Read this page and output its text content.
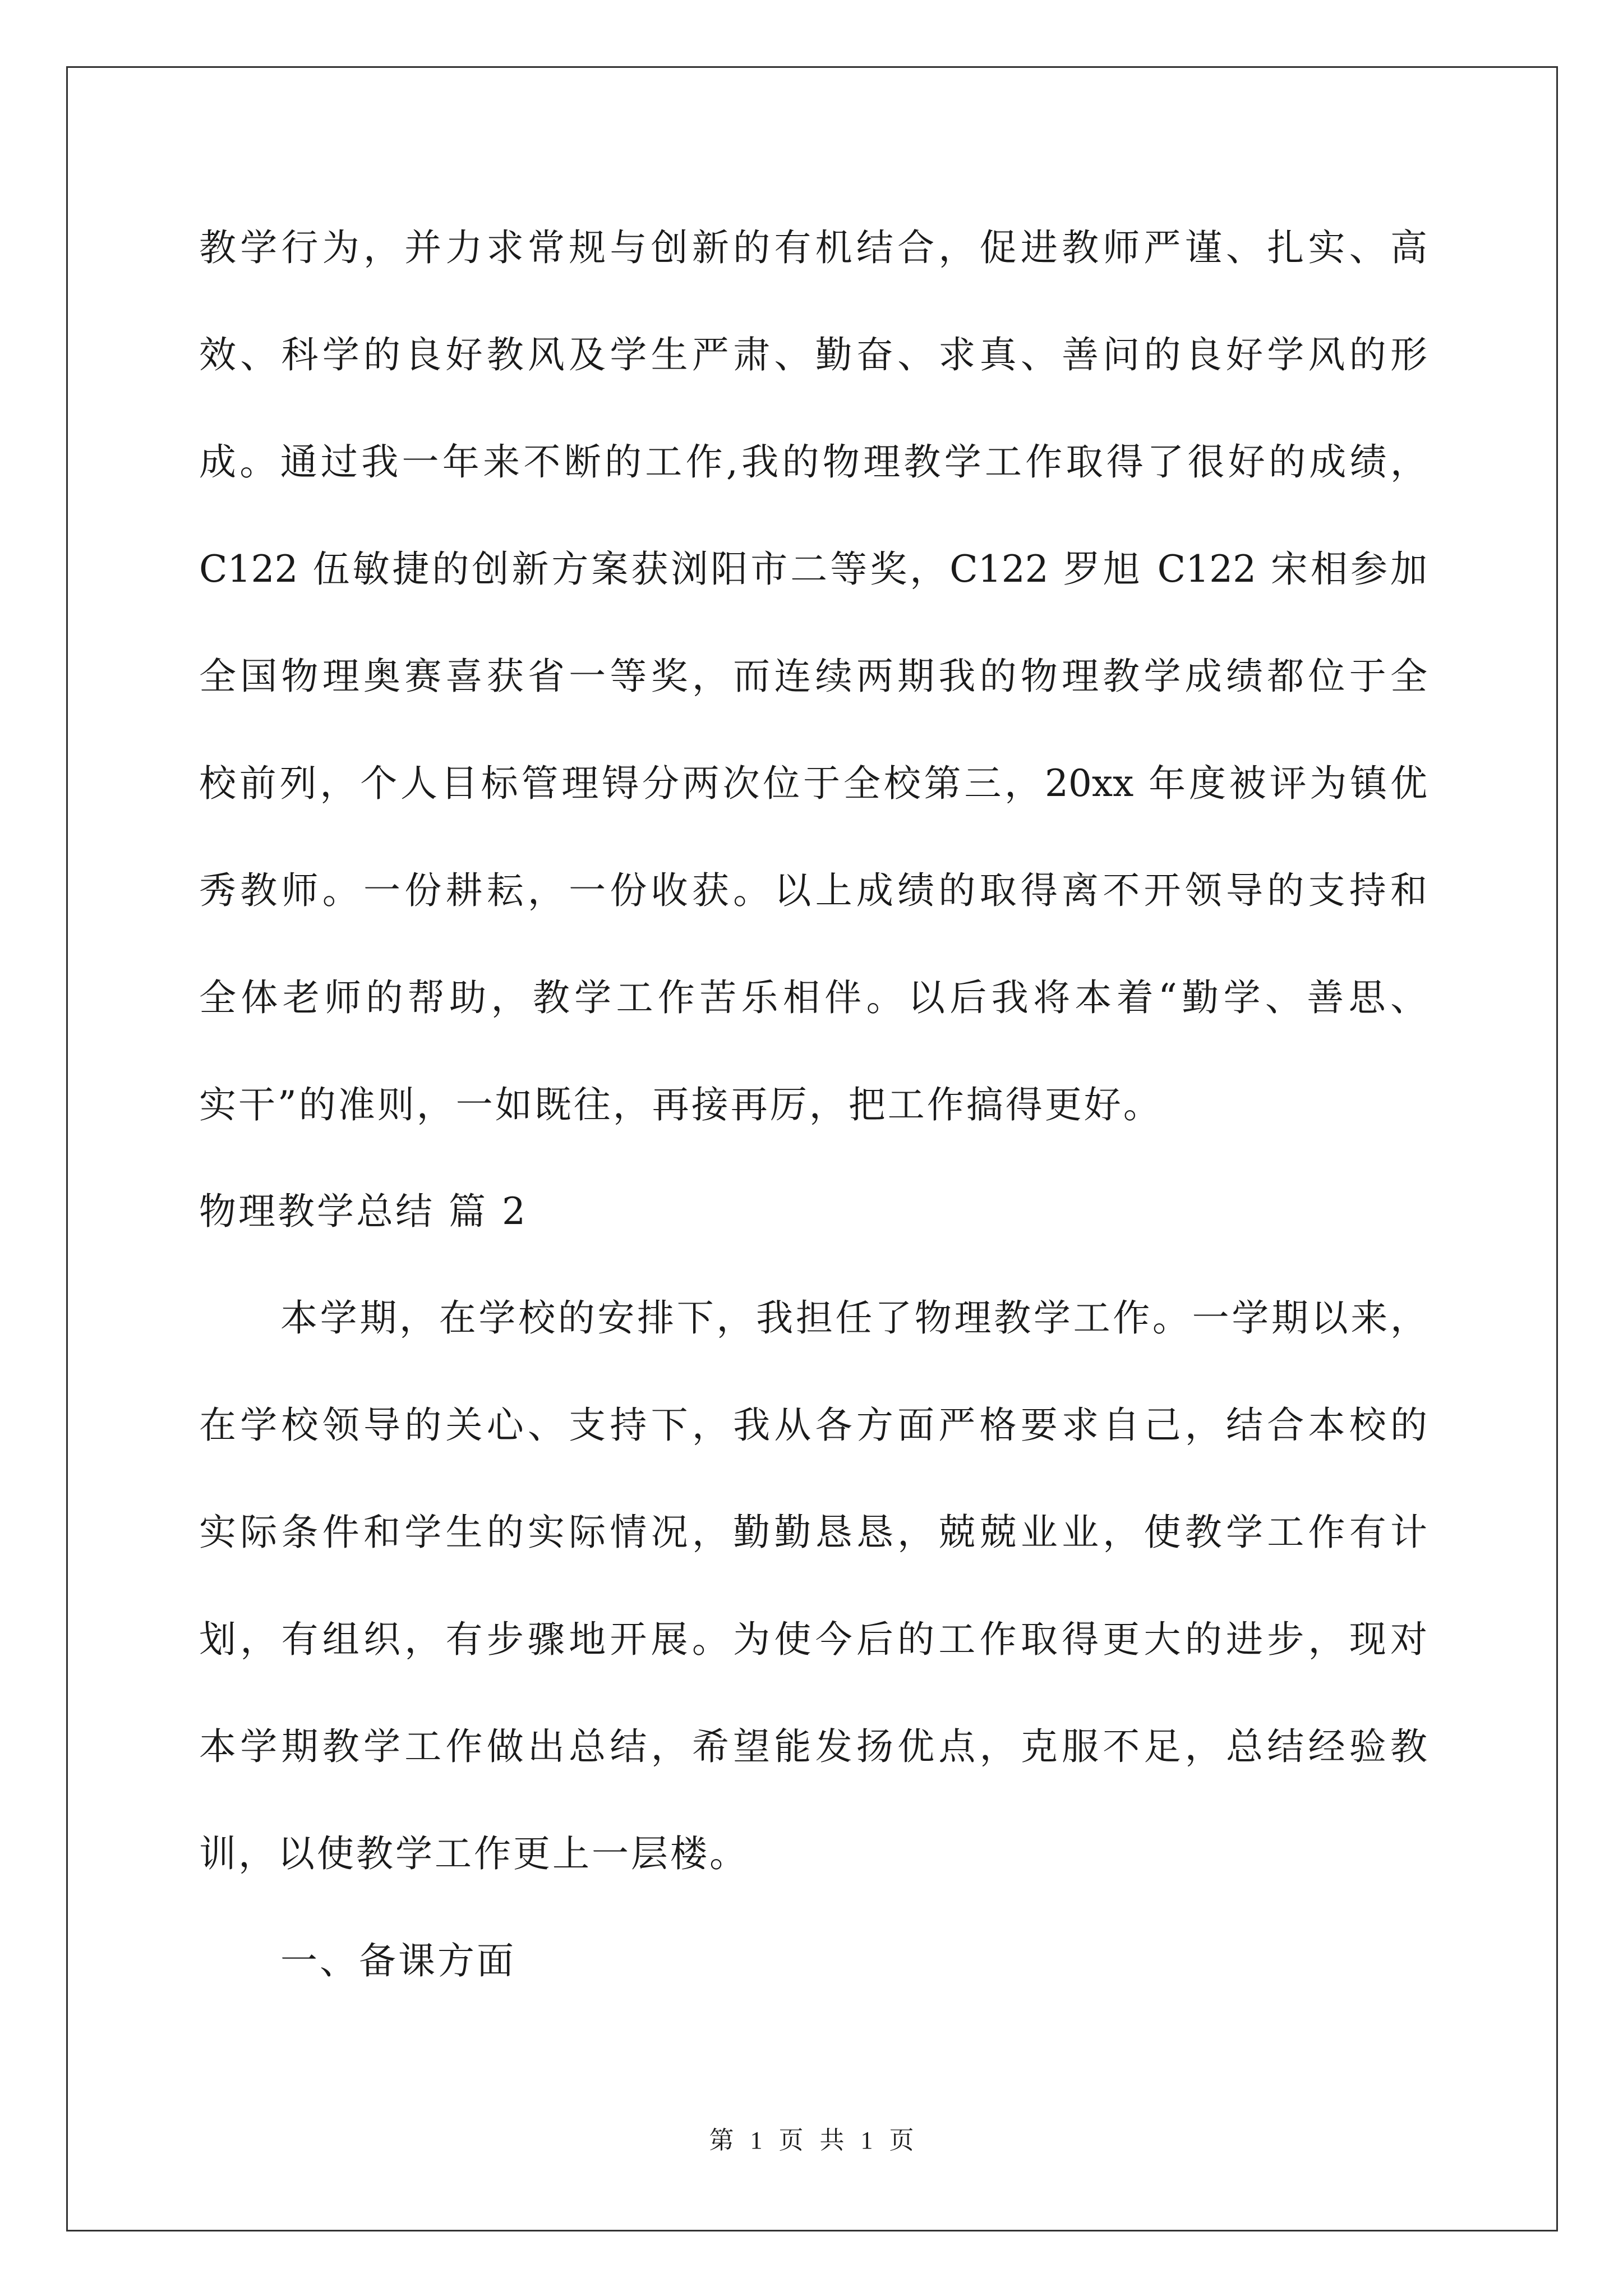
教学行为，并力求常规与创新的有机结合，促进教师严谨、扎实、高
效、科学的良好教风及学生严肃、勤奋、求真、善问的良好学风的形
成。通过我一年来不断的工作,我的物理教学工作取得了很好的成绩，
C122 伍敏捷的创新方案获浏阳市二等奖，C122 罗旭 C122 宋相参加
全国物理奥赛喜获省一等奖，而连续两期我的物理教学成绩都位于全
校前列，个人目标管理锝分两次位于全校第三，20xx 年度被评为镇优
秀教师。一份耕耘，一份收获。以上成绩的取得离不开领导的支持和
全体老师的帮助，教学工作苦乐相伴。以后我将本着“勤学、善思、
实干”的准则，一如既往，再接再厉，把工作搞得更好。
物理教学总结 篇 2
本学期，在学校的安排下，我担任了物理教学工作。一学期以来，
在学校领导的关心、支持下，我从各方面严格要求自己，结合本校的
实际条件和学生的实际情况，勤勤恳恳，兢兢业业，使教学工作有计
划，有组织，有步骤地开展。为使今后的工作取得更大的进步，现对
本学期教学工作做出总结，希望能发扬优点，克服不足，总结经验教
训，以使教学工作更上一层楼。
一、备课方面
第 1 页 共 1 页
